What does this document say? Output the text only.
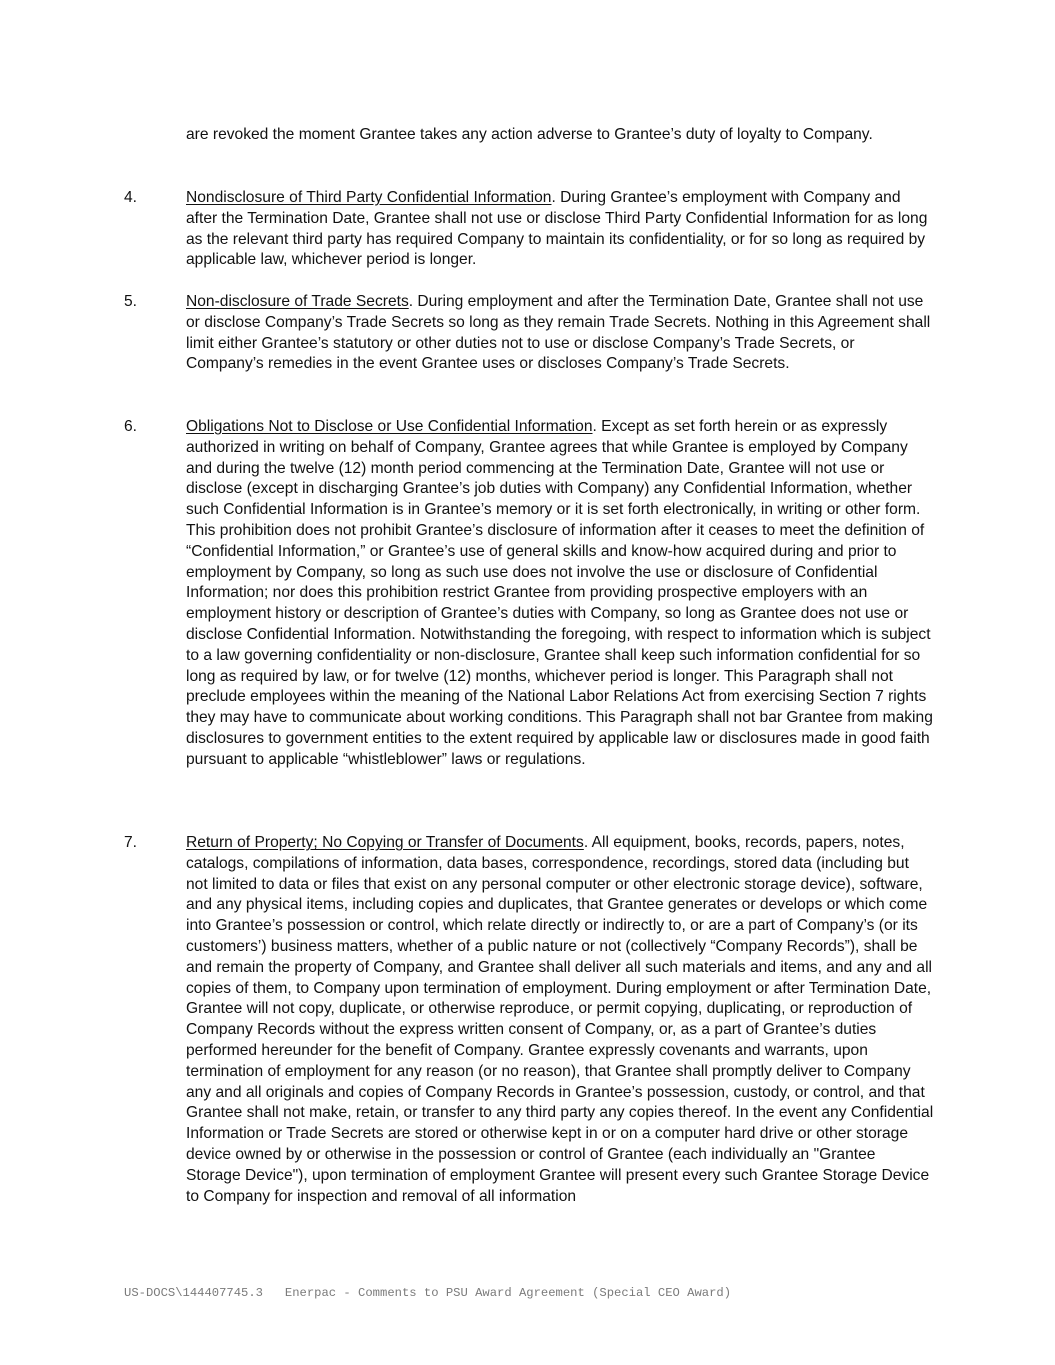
are revoked the moment Grantee takes any action adverse to Grantee’s duty of loyalty to Company.

4.	Nondisclosure of Third Party Confidential Information. During Grantee’s employment with Company and after the Termination Date, Grantee shall not use or disclose Third Party Confidential Information for as long as the relevant third party has required Company to maintain its confidentiality, or for so long as required by applicable law, whichever period is longer.

5.	Non-disclosure of Trade Secrets. During employment and after the Termination Date, Grantee shall not use or disclose Company’s Trade Secrets so long as they remain Trade Secrets. Nothing in this Agreement shall limit either Grantee’s statutory or other duties not to use or disclose Company’s Trade Secrets, or Company’s remedies in the event Grantee uses or discloses Company’s Trade Secrets.

6.	Obligations Not to Disclose or Use Confidential Information. Except as set forth herein or as expressly authorized in writing on behalf of Company, Grantee agrees that while Grantee is employed by Company and during the twelve (12) month period commencing at the Termination Date, Grantee will not use or disclose (except in discharging Grantee’s job duties with Company) any Confidential Information, whether such Confidential Information is in Grantee’s memory or it is set forth electronically, in writing or other form. This prohibition does not prohibit Grantee’s disclosure of information after it ceases to meet the definition of “Confidential Information,” or Grantee’s use of general skills and know-how acquired during and prior to employment by Company, so long as such use does not involve the use or disclosure of Confidential Information; nor does this prohibition restrict Grantee from providing prospective employers with an employment history or description of Grantee’s duties with Company, so long as Grantee does not use or disclose Confidential Information. Notwithstanding the foregoing, with respect to information which is subject to a law governing confidentiality or non-disclosure, Grantee shall keep such information confidential for so long as required by law, or for twelve (12) months, whichever period is longer. This Paragraph shall not preclude employees within the meaning of the National Labor Relations Act from exercising Section 7 rights they may have to communicate about working conditions. This Paragraph shall not bar Grantee from making disclosures to government entities to the extent required by applicable law or disclosures made in good faith pursuant to applicable “whistleblower” laws or regulations.

7.	Return of Property; No Copying or Transfer of Documents. All equipment, books, records, papers, notes, catalogs, compilations of information, data bases, correspondence, recordings, stored data (including but not limited to data or files that exist on any personal computer or other electronic storage device), software, and any physical items, including copies and duplicates, that Grantee generates or develops or which come into Grantee’s possession or control, which relate directly or indirectly to, or are a part of Company’s (or its customers’) business matters, whether of a public nature or not (collectively “Company Records”), shall be and remain the property of Company, and Grantee shall deliver all such materials and items, and any and all copies of them, to Company upon termination of employment. During employment or after Termination Date, Grantee will not copy, duplicate, or otherwise reproduce, or permit copying, duplicating, or reproduction of Company Records without the express written consent of Company, or, as a part of Grantee’s duties performed hereunder for the benefit of Company. Grantee expressly covenants and warrants, upon termination of employment for any reason (or no reason), that Grantee shall promptly deliver to Company any and all originals and copies of Company Records in Grantee’s possession, custody, or control, and that Grantee shall not make, retain, or transfer to any third party any copies thereof. In the event any Confidential Information or Trade Secrets are stored or otherwise kept in or on a computer hard drive or other storage device owned by or otherwise in the possession or control of Grantee (each individually an "Grantee Storage Device"), upon termination of employment Grantee will present every such Grantee Storage Device to Company for inspection and removal of all information

US-DOCS\144407745.3 Enerpac - Comments to PSU Award Agreement (Special CEO Award)
